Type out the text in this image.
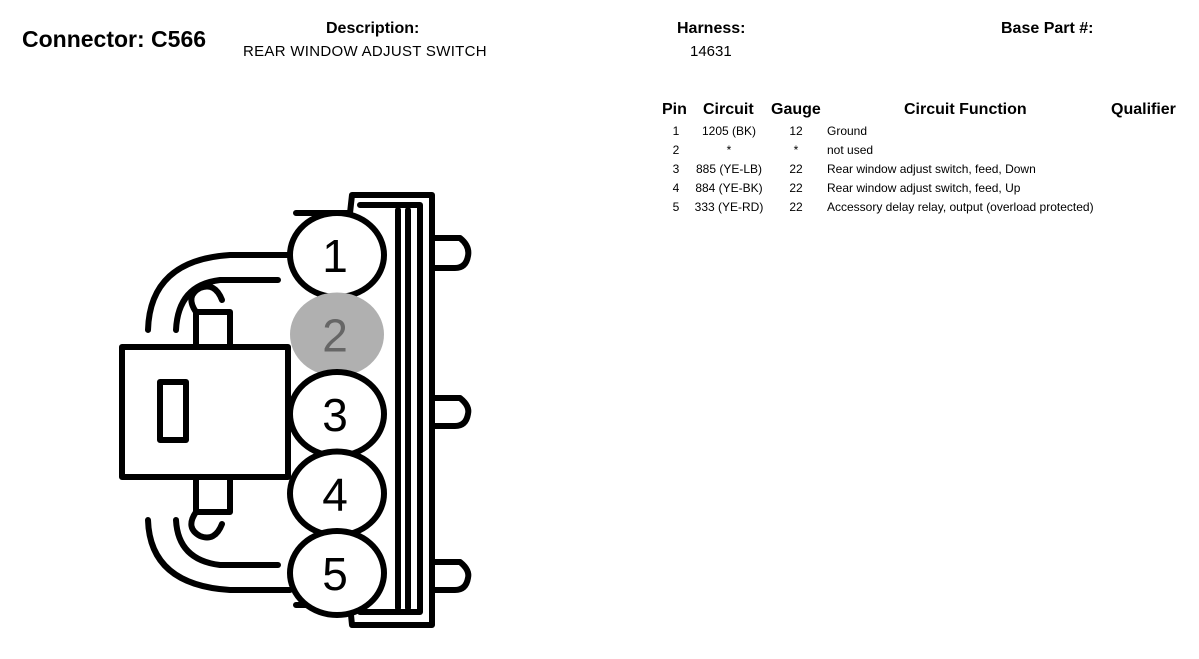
Connector: C566	Description:
REAR WINDOW ADJUST SWITCH
Harness:
14631
Base Part #:
Pin Circuit Gauge	Circuit Function	Qualifier
1	1205 (BK)	12	Ground
2	*	*	not used
3	885 (YE-LB)	22	Rear window adjust switch, feed, Down
4	884 (YE-BK)	22	Rear window adjust switch, feed, Up
5	333 (YE-RD)	22	Accessory delay relay, output (overload protected)
1
2
3
4
5
